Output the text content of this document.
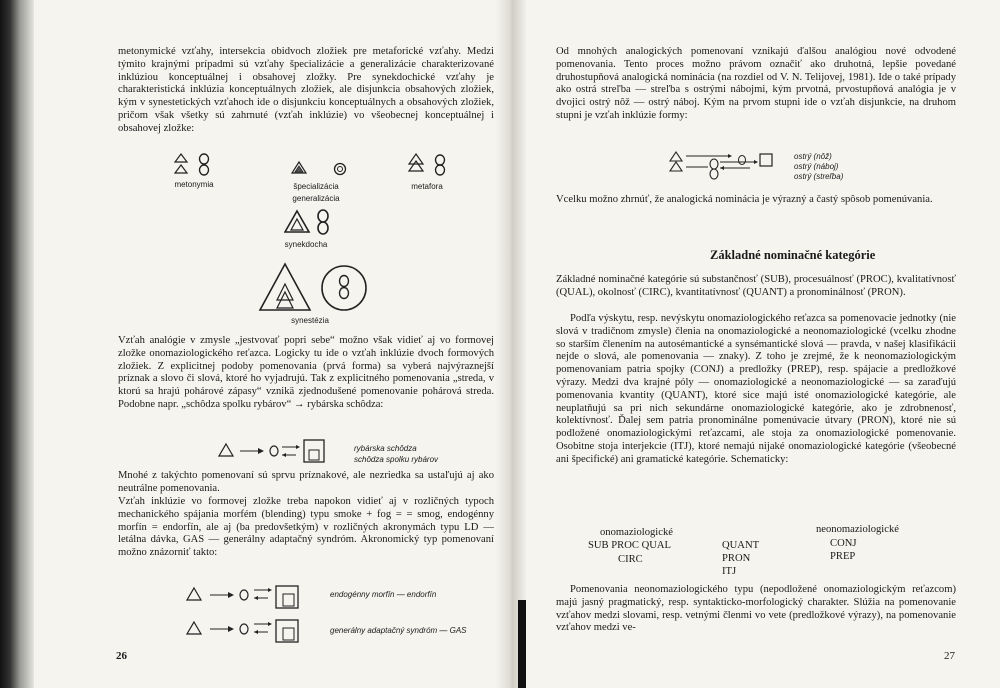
metonymické vzťahy, intersekcia obidvoch zložiek pre metaforické vzťahy. Medzi týmito krajnými prípadmi sú vzťahy špecializácie a generalizácie charakterizované inklúziou konceptuálnej i obsahovej zložky. Pre synekdochické vzťahy je charakteristická inklúzia konceptuálnych zložiek, ale disjunkcia obsahových zložiek, kým v synestetických vzťahoch ide o disjunkciu konceptuálnych a obsahových zložiek, pričom však všetky sú zahrnuté (vzťah inklúzie) vo všeobecnej konceptuálnej i obsahovej zložke:

metonymia	špecializácia
generalizácia
metafora
synekdocha
synestézia

Vzťah analógie v zmysle „jestvovať popri sebe“ možno však vidieť aj vo formovej zložke onomaziologického reťazca. Logicky tu ide o vzťah inklúzie dvoch formových zložiek. Z explicitnej podoby pomenovania (prvá forma) sa vyberá najvýraznejší príznak a slovo či slová, ktoré ho vyjadrujú. Tak z explicitného pomenovania „streda, v ktorú sa hrajú pohárové zápasy“ vznikä zjednodušené pomenovanie pohárová streda. Podobne napr. „schôdza spolku rybárov“ → rybárska schôdza:

rybárska schôdza
schôdza spolku rybárov

Mnohé z takýchto pomenovaní sú sprvu príznakové, ale nezriedka sa ustaľujú aj ako neutrálne pomenovania.

Vzťah inklúzie vo formovej zložke treba napokon vidieť aj v rozličných typoch mechanického spájania morfém (blending) typu smoke + fog = = smog, endogénny morfín = endorfín, ale aj (ba predovšetkým) v rozličných akronymách typu LD — letálna dávka, GAS — generálny adaptačný syndróm. Akronomický typ pomenovaní možno znázorniť takto:

endogénny morfín — endorfín
generálny adaptačný syndróm — GAS
26

Od mnohých analogických pomenovaní vznikajú ďalšou analógiou nové odvodené pomenovania. Tento proces možno právom označiť ako druhotná, lepšie povedané druhostupňová analogická nominácia (na rozdiel od V. N. Telijovej, 1981). Ide o také prípady ako ostrá streľba — streľba s ostrými nábojmi, kým prvotná, prvostupňová analógia je v dvojici ostrý nôž — ostrý náboj. Kým na prvom stupni ide o vzťah disjunkcie, na druhom stupni je vzťah inklúzie formy:

ostrý (nôž)
ostrý (náboj)
ostrý (streľba)

Vcelku možno zhrnúť, že analogická nominácia je výrazný a častý spôsob pomenúvania.

Základné nominačné kategórie

Základné nominačné kategórie sú substančnosť (SUB), procesuálnosť (PROC), kvalitatívnosť (QUAL), okolnosť (CIRC), kvantitatívnosť (QUANT) a pronominálnosť (PRON).

Podľa výskytu, resp. nevýskytu onomaziologického reťazca sa pomenovacie jednotky (nie slová v tradičnom zmysle) členia na onomaziologické a neonomaziologické (vcelku zhodne so starším členením na autosémantické a synsémantické slová — pravda, v našej klasifikácii nejde o slová, ale pomenovania — znaky). Z toho je zrejmé, že k neonomaziologickým pomenovaniam patria spojky (CONJ) a predložky (PREP), resp. spájacie a predložkové výrazy. Medzi dva krajné póly — onomaziologické a neonomaziologické — sa zaraďujú pomenovania kvantity (QUANT), ktoré sice majú isté onomaziologické kategórie, ale neuplatňujú sa pri nich sekundárne onomaziologické kategórie, ako je zdrobnenosť, kolektívnosť. Ďalej sem patria pronominálne pomenúvacie útvary (PRON), ktoré nie sú podložené onomaziologickými reťazcami, ale stoja za onomaziologické pomenovanie. Osobitne stoja interjekcie (ITJ), ktoré nemajú nijaké onomaziologické kategórie (všeobecné ani špecifické) ani gramatické kategórie. Schematicky:

onomaziologické
SUB PROC QUAL
CIRC
QUANT
PRON
ITJ
neonomaziologické
CONJ
PREP

Pomenovania neonomaziologického typu (nepodložené onomaziologickým reťazcom) majú jasný pragmatický, resp. syntakticko-morfologický charakter. Slúžia na pomenovanie vzťahov medzi slovami, resp. vetnými členmi vo vete (predložkové výrazy), na pomenovanie vzťahov medzi ve-

27
